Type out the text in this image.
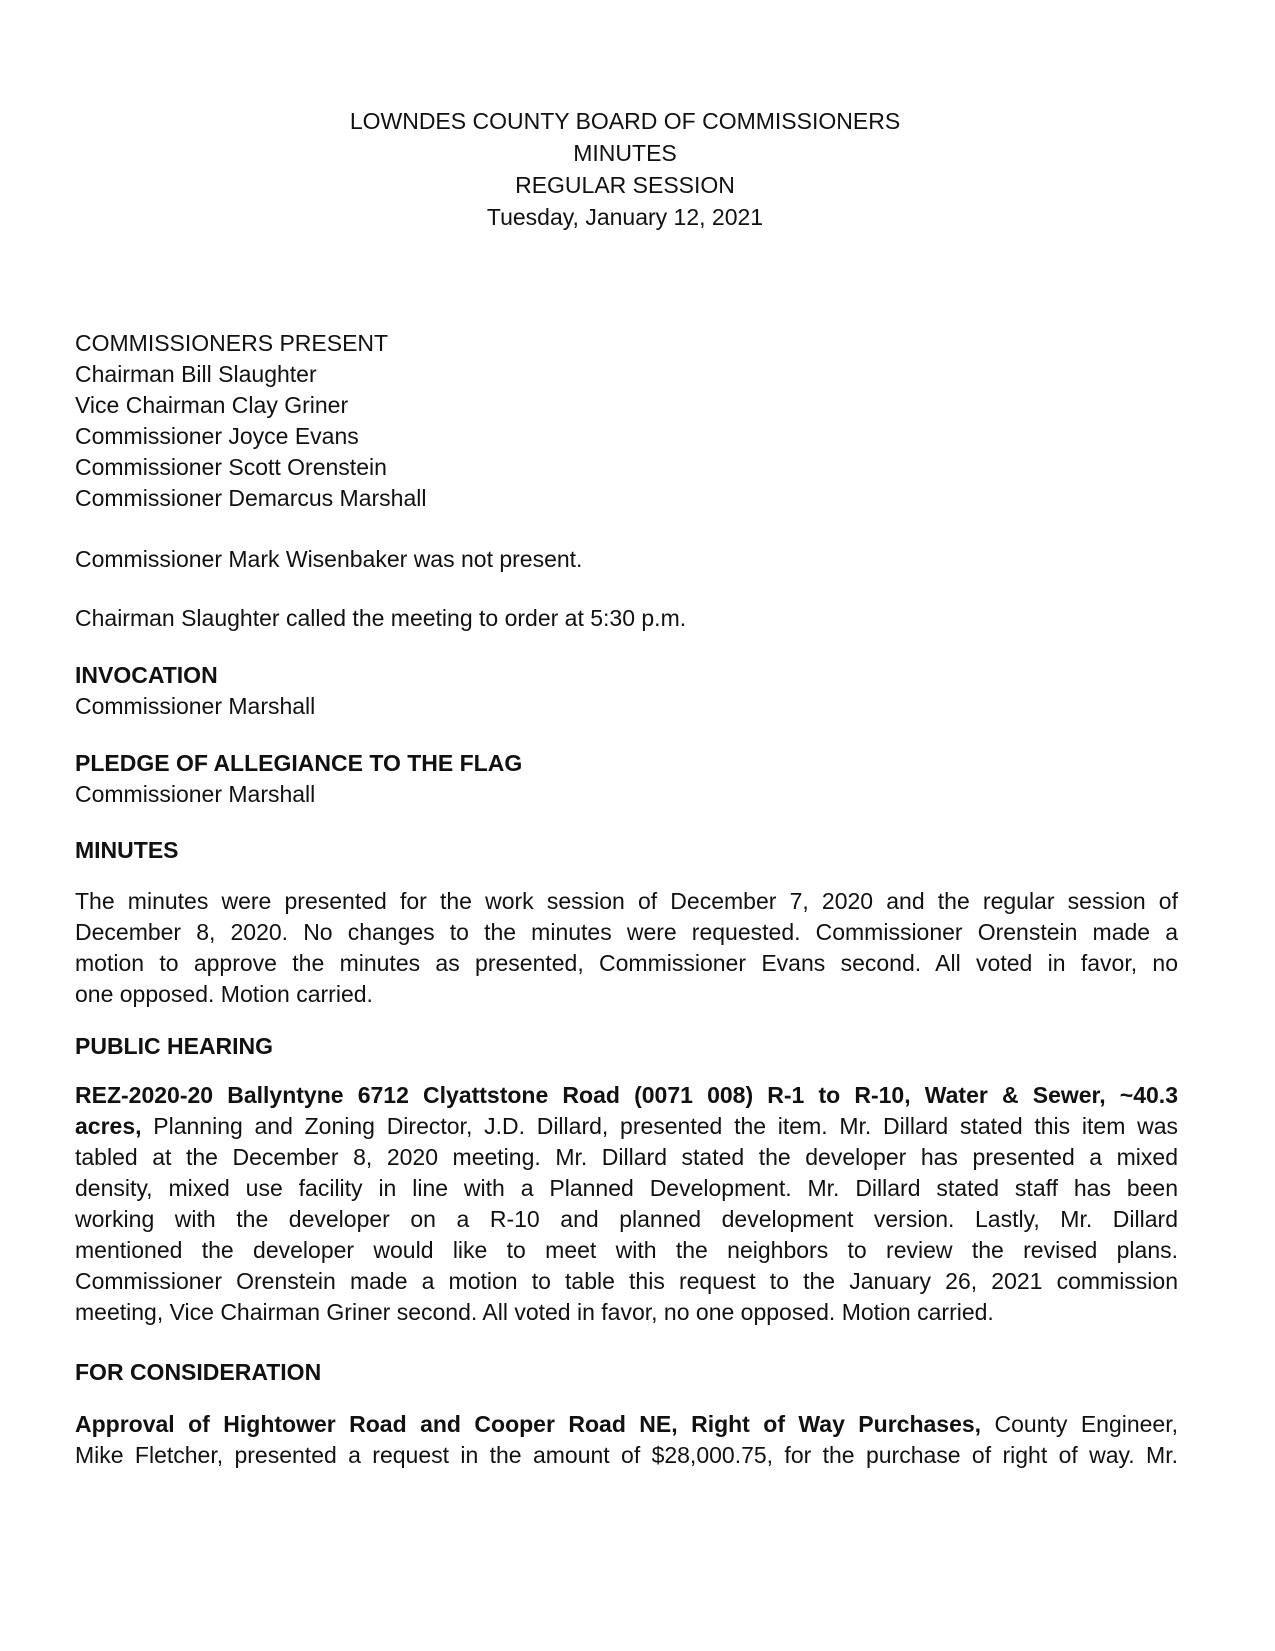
LOWNDES COUNTY BOARD OF COMMISSIONERS
MINUTES
REGULAR SESSION
Tuesday, January 12, 2021
COMMISSIONERS PRESENT
Chairman Bill Slaughter
Vice Chairman Clay Griner
Commissioner Joyce Evans
Commissioner Scott Orenstein
Commissioner Demarcus Marshall
Commissioner Mark Wisenbaker was not present.
Chairman Slaughter called the meeting to order at 5:30 p.m.
INVOCATION
Commissioner Marshall
PLEDGE OF ALLEGIANCE TO THE FLAG
Commissioner Marshall
MINUTES
The minutes were presented for the work session of December 7, 2020 and the regular session of
December 8, 2020. No changes to the minutes were requested. Commissioner Orenstein made a
motion to approve the minutes as presented, Commissioner Evans second. All voted in favor, no
one opposed. Motion carried.
PUBLIC HEARING
REZ-2020-20 Ballyntyne 6712 Clyattstone Road (0071 008) R-1 to R-10, Water & Sewer, ~40.3
acres, Planning and Zoning Director, J.D. Dillard, presented the item. Mr. Dillard stated this item was
tabled at the December 8, 2020 meeting. Mr. Dillard stated the developer has presented a mixed
density, mixed use facility in line with a Planned Development. Mr. Dillard stated staff has been
working with the developer on a R-10 and planned development version. Lastly, Mr. Dillard
mentioned the developer would like to meet with the neighbors to review the revised plans.
Commissioner Orenstein made a motion to table this request to the January 26, 2021 commission
meeting, Vice Chairman Griner second. All voted in favor, no one opposed. Motion carried.
FOR CONSIDERATION
Approval of Hightower Road and Cooper Road NE, Right of Way Purchases, County Engineer,
Mike Fletcher, presented a request in the amount of $28,000.75, for the purchase of right of way. Mr.
